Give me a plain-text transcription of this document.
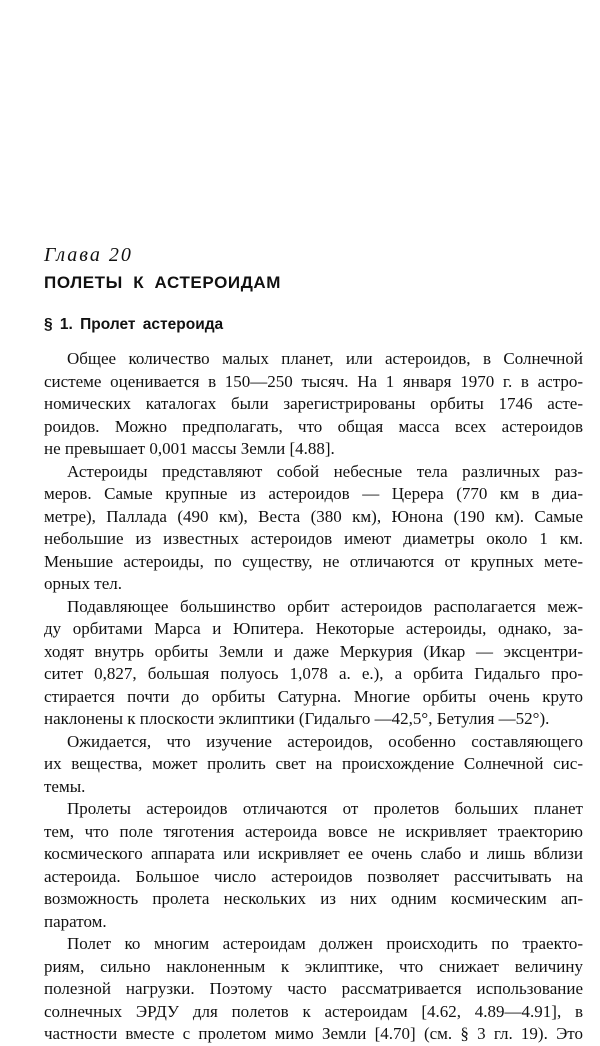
Глава 20
ПОЛЕТЫ К АСТЕРОИДАМ
§ 1. Пролет астероида
Общее количество малых планет, или астероидов, в Солнечной
системе оценивается в 150—250 тысяч. На 1 января 1970 г. в астро-
номических каталогах были зарегистрированы орбиты 1746 асте-
роидов. Можно предполагать, что общая масса всех астероидов
не превышает 0,001 массы Земли [4.88].
Астероиды представляют собой небесные тела различных раз-
меров. Самые крупные из астероидов — Церера (770 км в диа-
метре), Паллада (490 км), Веста (380 км), Юнона (190 км). Самые
небольшие из известных астероидов имеют диаметры около 1 км.
Меньшие астероиды, по существу, не отличаются от крупных мете-
орных тел.
Подавляющее большинство орбит астероидов располагается меж-
ду орбитами Марса и Юпитера. Некоторые астероиды, однако, за-
ходят внутрь орбиты Земли и даже Меркурия (Икар — эксцентри-
ситет 0,827, большая полуось 1,078 а. е.), а орбита Гидальго про-
стирается почти до орбиты Сатурна. Многие орбиты очень круто
наклонены к плоскости эклиптики (Гидальго —42,5°, Бетулия —52°).
Ожидается, что изучение астероидов, особенно составляющего
их вещества, может пролить свет на происхождение Солнечной сис-
темы.
Пролеты астероидов отличаются от пролетов больших планет
тем, что поле тяготения астероида вовсе не искривляет траекторию
космического аппарата или искривляет ее очень слабо и лишь вблизи
астероида. Большое число астероидов позволяет рассчитывать на
возможность пролета нескольких из них одним космическим ап-
паратом.
Полет ко многим астероидам должен происходить по траекто-
риям, сильно наклоненным к эклиптике, что снижает величину
полезной нагрузки. Поэтому часто рассматривается использование
солнечных ЭРДУ для полетов к астероидам [4.62, 4.89—4.91], в
частности вместе с пролетом мимо Земли [4.70] (см. § 3 гл. 19). Это
